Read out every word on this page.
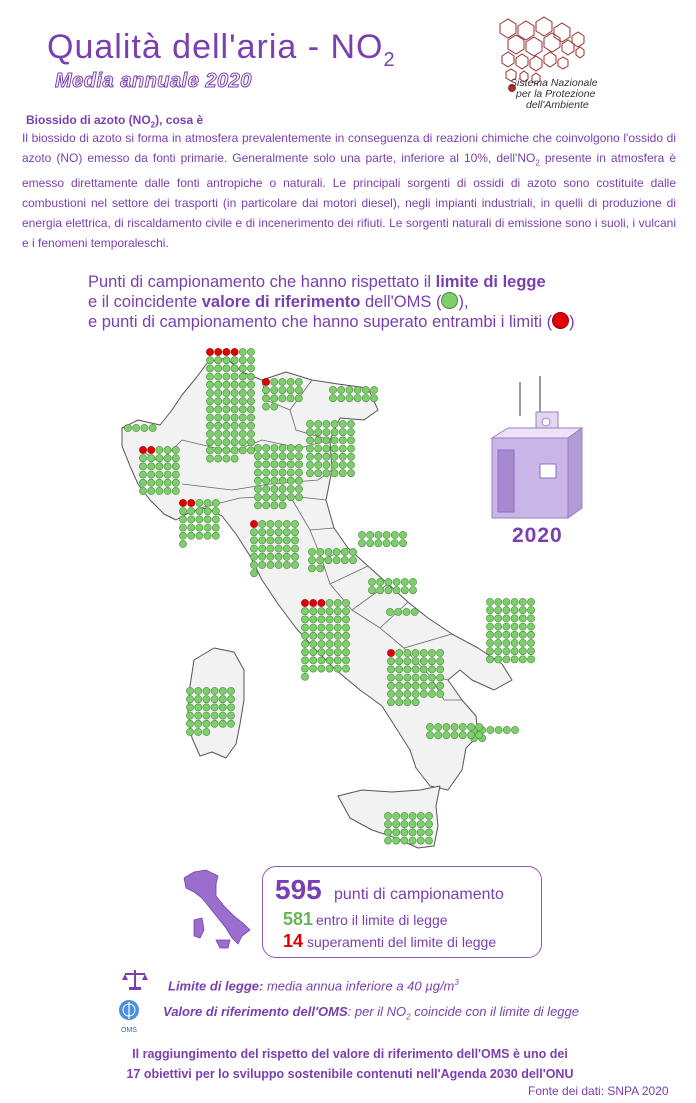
Qualità dell'aria - $NO_2$
Media annuale 2020	Sistema Nazionale
per la Protezione
dell'Ambiente
Biossido di azoto $(NO_2)$, cosa è
Il biossido di azoto si forma in atmosfera prevalentemente in conseguenza di reazioni chimiche che coinvolgono l'ossido di azoto (NO) emesso da fonti primarie. Generalmente solo una parte, inferiore al 10%, $dell'NO_2$ presente in atmosfera è emesso direttamente dalle fonti antropiche o naturali. Le principali sorgenti di ossidi di azoto sono costituite dalle combustioni nel settore dei trasporti (in particolare dai motori diesel), negli impianti industriali, in quelli di produzione di energia elettrica, di riscaldamento civile e di incenerimento dei rifiuti. Le sorgenti naturali di emissione sono i suoli, i vulcani e i fenomeni temporaleschi.
Punti di campionamento che hanno rispettato il limite di legge
e il coincidente valore di riferimento dell'OMS ( ),
e punti di campionamento che hanno superato entrambi i limiti ( )
2020
595 punti di campionamento
581 entro il limite di legge
14 superamenti del limite di legge
Limite di legge: media annua inferiore a 40 $\mu g/m^3$
OMS
Valore di riferimento dell'OMS: per il $NO_2$ coincide con il limite di legge
Il raggiungimento del rispetto del valore di riferimento dell'OMS è uno dei
17 obiettivi per lo sviluppo sostenibile contenuti nell'Agenda 2030 dell'ONU
Fonte dei dati: SNPA 2020
